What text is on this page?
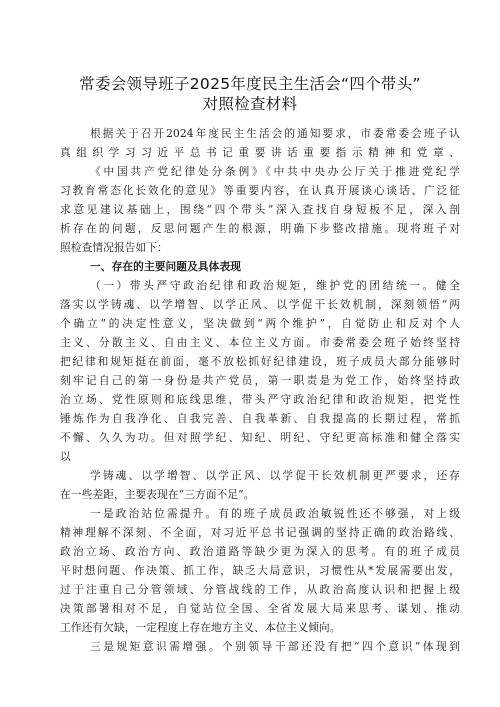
常委会领导班子2025年度民主生活会“四个带头”
对照检查材料
根据关于召开2024年度民主生活会的通知要求，市委常委会班子认
真组织学习习近平总书记重要讲话重要指示精神和党章、
《中国共产党纪律处分条例》《中共中央办公厅关于推进党纪学
习教育常态化长效化的意见》等重要内容，在认真开展谈心谈话、广泛征
求意见建议基础上，围绕“四个带头”深入查找自身短板不足，深入剖
析存在的问题，反思问题产生的根源，明确下步整改措施。现将班子对
照检查情况报告如下：
一、存在的主要问题及具体表现
（一）带头严守政治纪律和政治规矩，维护党的团结统一。健全
落实以学铸魂、以学增智、以学正风、以学促干长效机制，深刻领悟“两
个确立”的决定性意义，坚决做到“两个维护”，自觉防止和反对个人
主义、分散主义、自由主义、本位主义方面。市委常委会班子始终坚持
把纪律和规矩挺在前面，毫不放松抓好纪律建设，班子成员大部分能够时
刻牢记自己的第一身份是共产党员，第一职责是为党工作，始终坚持政
治立场、党性原则和底线思维，带头严守政治纪律和政治规矩，把党性
锤炼作为自我净化、自我完善、自我革新、自我提高的长期过程，常抓
不懈、久久为功。但对照学纪、知纪、明纪、守纪更高标准和健全落实
以
学铸魂、以学增智、以学正风、以学促干长效机制更严要求，还存
在一些差距，主要表现在“三方面不足”。
一是政治站位需提升。有的班子成员政治敏锐性还不够强，对上级
精神理解不深刻、不全面，对习近平总书记强调的坚持正确的政治路线、
政治立场、政治方向、政治道路等缺少更为深入的思考。有的班子成员
平时想问题、作决策、抓工作，缺乏大局意识，习惯性从*发展需要出发，
过于注重自己分管领域、分管战线的工作，从政治高度认识和把握上级
决策部署相对不足，自觉站位全国、全省发展大局来思考、谋划、推动
工作还有欠缺，一定程度上存在地方主义、本位主义倾向。
三是规矩意识需增强。个别领导干部还没有把“四个意识”体现到
